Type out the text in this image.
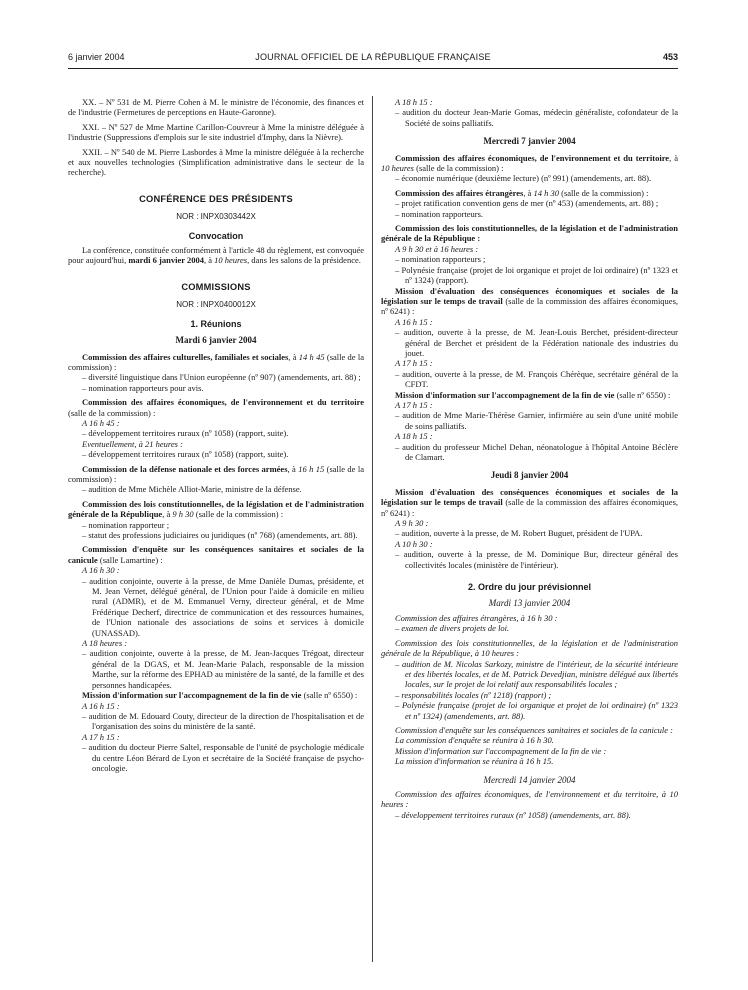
6 janvier 2004	JOURNAL OFFICIEL DE LA RÉPUBLIQUE FRANÇAISE	453

XX. – Nº 531 de M. Pierre Cohen à M. le ministre de l'économie, des finances et de l'industrie (Fermetures de perceptions en Haute-Garonne).

XXI. – Nº 527 de Mme Martine Carillon-Couvreur à Mme la ministre déléguée à l'industrie (Suppressions d'emplois sur le site industriel d'Imphy, dans la Nièvre).

XXII. – Nº 540 de M. Pierre Lasbordes à Mme la ministre déléguée à la recherche et aux nouvelles technologies (Simplification administrative dans le secteur de la recherche).

CONFÉRENCE DES PRÉSIDENTS

NOR : INPX0303442X

Convocation

La conférence, constituée conformément à l'article 48 du règlement, est convoquée pour aujourd'hui, mardi 6 janvier 2004, à 10 heures, dans les salons de la présidence.

COMMISSIONS

NOR : INPX0400012X

1. Réunions

Mardi 6 janvier 2004

Commission des affaires culturelles, familiales et sociales, à 14 h 45 (salle de la commission) :

– diversité linguistique dans l'Union européenne (nº 907) (amendements, art. 88) ;

– nomination rapporteurs pour avis.

Commission des affaires économiques, de l'environnement et du territoire (salle de la commission) :

A 16 h 45 :

– développement territoires ruraux (nº 1058) (rapport, suite).

Eventuellement, à 21 heures :

– développement territoires ruraux (nº 1058) (rapport, suite).

Commission de la défense nationale et des forces armées, à 16 h 15 (salle de la commission) :

– audition de Mme Michèle Alliot-Marie, ministre de la défense.

Commission des lois constitutionnelles, de la législation et de l'administration générale de la République, à 9 h 30 (salle de la commission) :

– nomination rapporteur ;

– statut des professions judiciaires ou juridiques (nº 768) (amendements, art. 88).

Commission d'enquête sur les conséquences sanitaires et sociales de la canicule (salle Lamartine) :

A 16 h 30 :

– audition conjointe, ouverte à la presse, de Mme Danièle Dumas, présidente, et M. Jean Vernet, délégué général, de l'Union pour l'aide à domicile en milieu rural (ADMR), et de M. Emmanuel Verny, directeur général, et de Mme Frédérique Decherf, directrice de communication et des ressources humaines, de l'Union nationale des associations de soins et services à domicile (UNASSAD).

A 18 heures :

– audition conjointe, ouverte à la presse, de M. Jean-Jacques Trégoat, directeur général de la DGAS, et M. Jean-Marie Palach, responsable de la mission Marthe, sur la réforme des EPHAD au ministère de la santé, de la famille et des personnes handicapées.

Mission d'information sur l'accompagnement de la fin de vie (salle nº 6550) :

A 16 h 15 :

– audition de M. Edouard Couty, directeur de la direction de l'hospitalisation et de l'organisation des soins du ministère de la santé.

A 17 h 15 :

– audition du docteur Pierre Saltel, responsable de l'unité de psychologie médicale du centre Léon Bérard de Lyon et secrétaire de la Société française de psycho-oncologie.

A 18 h 15 :

– audition du docteur Jean-Marie Gomas, médecin généraliste, cofondateur de la Société de soins palliatifs.

Mercredi 7 janvier 2004

Commission des affaires économiques, de l'environnement et du territoire, à 10 heures (salle de la commission) :

– économie numérique (deuxième lecture) (nº 991) (amendements, art. 88).

Commission des affaires étrangères, à 14 h 30 (salle de la commission) :

– projet ratification convention gens de mer (nº 453) (amendements, art. 88) ;

– nomination rapporteurs.

Commission des lois constitutionnelles, de la législation et de l'administration générale de la République :

A 9 h 30 et à 16 heures :

– nomination rapporteurs ;

– Polynésie française (projet de loi organique et projet de loi ordinaire) (nº 1323 et nº 1324) (rapport).

Mission d'évaluation des conséquences économiques et sociales de la législation sur le temps de travail (salle de la commission des affaires économiques, nº 6241) :

A 16 h 15 :

– audition, ouverte à la presse, de M. Jean-Louis Berchet, président-directeur général de Berchet et président de la Fédération nationale des industries du jouet.

A 17 h 15 :

– audition, ouverte à la presse, de M. François Chérèque, secrétaire général de la CFDT.

Mission d'information sur l'accompagnement de la fin de vie (salle nº 6550) :

A 17 h 15 :

– audition de Mme Marie-Thérèse Garnier, infirmière au sein d'une unité mobile de soins palliatifs.

A 18 h 15 :

– audition du professeur Michel Dehan, néonatologue à l'hôpital Antoine Béclère de Clamart.

Jeudi 8 janvier 2004

Mission d'évaluation des conséquences économiques et sociales de la législation sur le temps de travail (salle de la commission des affaires économiques, nº 6241) :

A 9 h 30 :

– audition, ouverte à la presse, de M. Robert Buguet, président de l'UPA.

A 10 h 30 :

– audition, ouverte à la presse, de M. Dominique Bur, directeur général des collectivités locales (ministère de l'intérieur).

2. Ordre du jour prévisionnel

Mardi 13 janvier 2004

Commission des affaires étrangères, à 16 h 30 :

– examen de divers projets de loi.

Commission des lois constitutionnelles, de la législation et de l'administration générale de la République, à 10 heures :

– audition de M. Nicolas Sarkozy, ministre de l'intérieur, de la sécurité intérieure et des libertés locales, et de M. Patrick Devedjian, ministre délégué aux libertés locales, sur le projet de loi relatif aux responsabilités locales ;

– responsabilités locales (nº 1218) (rapport) ;

– Polynésie française (projet de loi organique et projet de loi ordinaire) (nº 1323 et nº 1324) (amendements, art. 88).

Commission d'enquête sur les conséquences sanitaires et sociales de la canicule :

La commission d'enquête se réunira à 16 h 30.

Mission d'information sur l'accompagnement de la fin de vie :

La mission d'information se réunira à 16 h 15.

Mercredi 14 janvier 2004

Commission des affaires économiques, de l'environnement et du territoire, à 10 heures :

– développement territoires ruraux (nº 1058) (amendements, art. 88).
